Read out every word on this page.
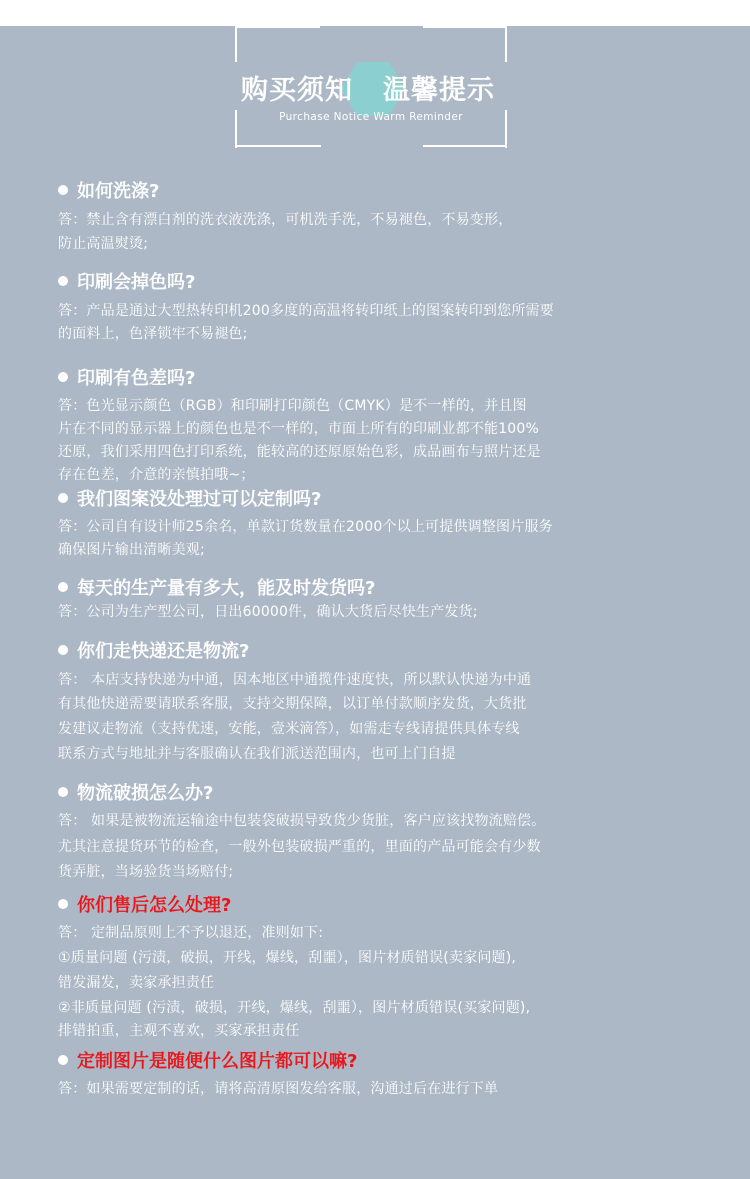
购买须知 温馨提示
Purchase Notice Warm Reminder
如何洗涤?
答：禁止含有漂白剂的洗衣液洗涤，可机洗手洗，不易褪色，不易变形，
防止高温熨烫;
印刷会掉色吗?
答：产品是通过大型热转印机200多度的高温将转印纸上的图案转印到您所需要
的面料上，色泽锁牢不易褪色;
印刷有色差吗?
答：色光显示颜色（RGB）和印刷打印颜色（CMYK）是不一样的，并且图
片在不同的显示器上的颜色也是不一样的，市面上所有的印刷业都不能100%
还原，我们采用四色打印系统，能较高的还原原始色彩，成品画布与照片还是
存在色差，介意的亲慎拍哦~；
我们图案没处理过可以定制吗?
答：公司自有设计师25余名，单款订货数量在2000个以上可提供调整图片服务
确保图片输出清晰美观;
每天的生产量有多大，能及时发货吗?
答：公司为生产型公司，日出60000件，确认大货后尽快生产发货;
你们走快递还是物流?
答： 本店支持快递为中通，因本地区中通揽件速度快，所以默认快递为中通
有其他快递需要请联系客服，支持交期保障，以订单付款顺序发货，大货批
发建议走物流（支持优速，安能，壹米滴答），如需走专线请提供具体专线
联系方式与地址并与客服确认在我们派送范围内，也可上门自提
物流破损怎么办?
答： 如果是被物流运输途中包装袋破损导致货少货脏，客户应该找物流赔偿。
尤其注意提货环节的检查，一般外包装破损严重的，里面的产品可能会有少数
货弄脏，当场验货当场赔付;
你们售后怎么处理?
答： 定制品原则上不予以退还，准则如下:
①质量问题 (污渍，破损，开线，爆线，刮噩），图片材质错误(卖家问题),
错发漏发，卖家承担责任
②非质量问题 (污渍，破损，开线，爆线，刮噩），图片材质错误(买家问题),
排错拍重，主观不喜欢，买家承担责任
定制图片是随便什么图片都可以嘛?
答：如果需要定制的话，请将高清原图发给客服，沟通过后在进行下单
